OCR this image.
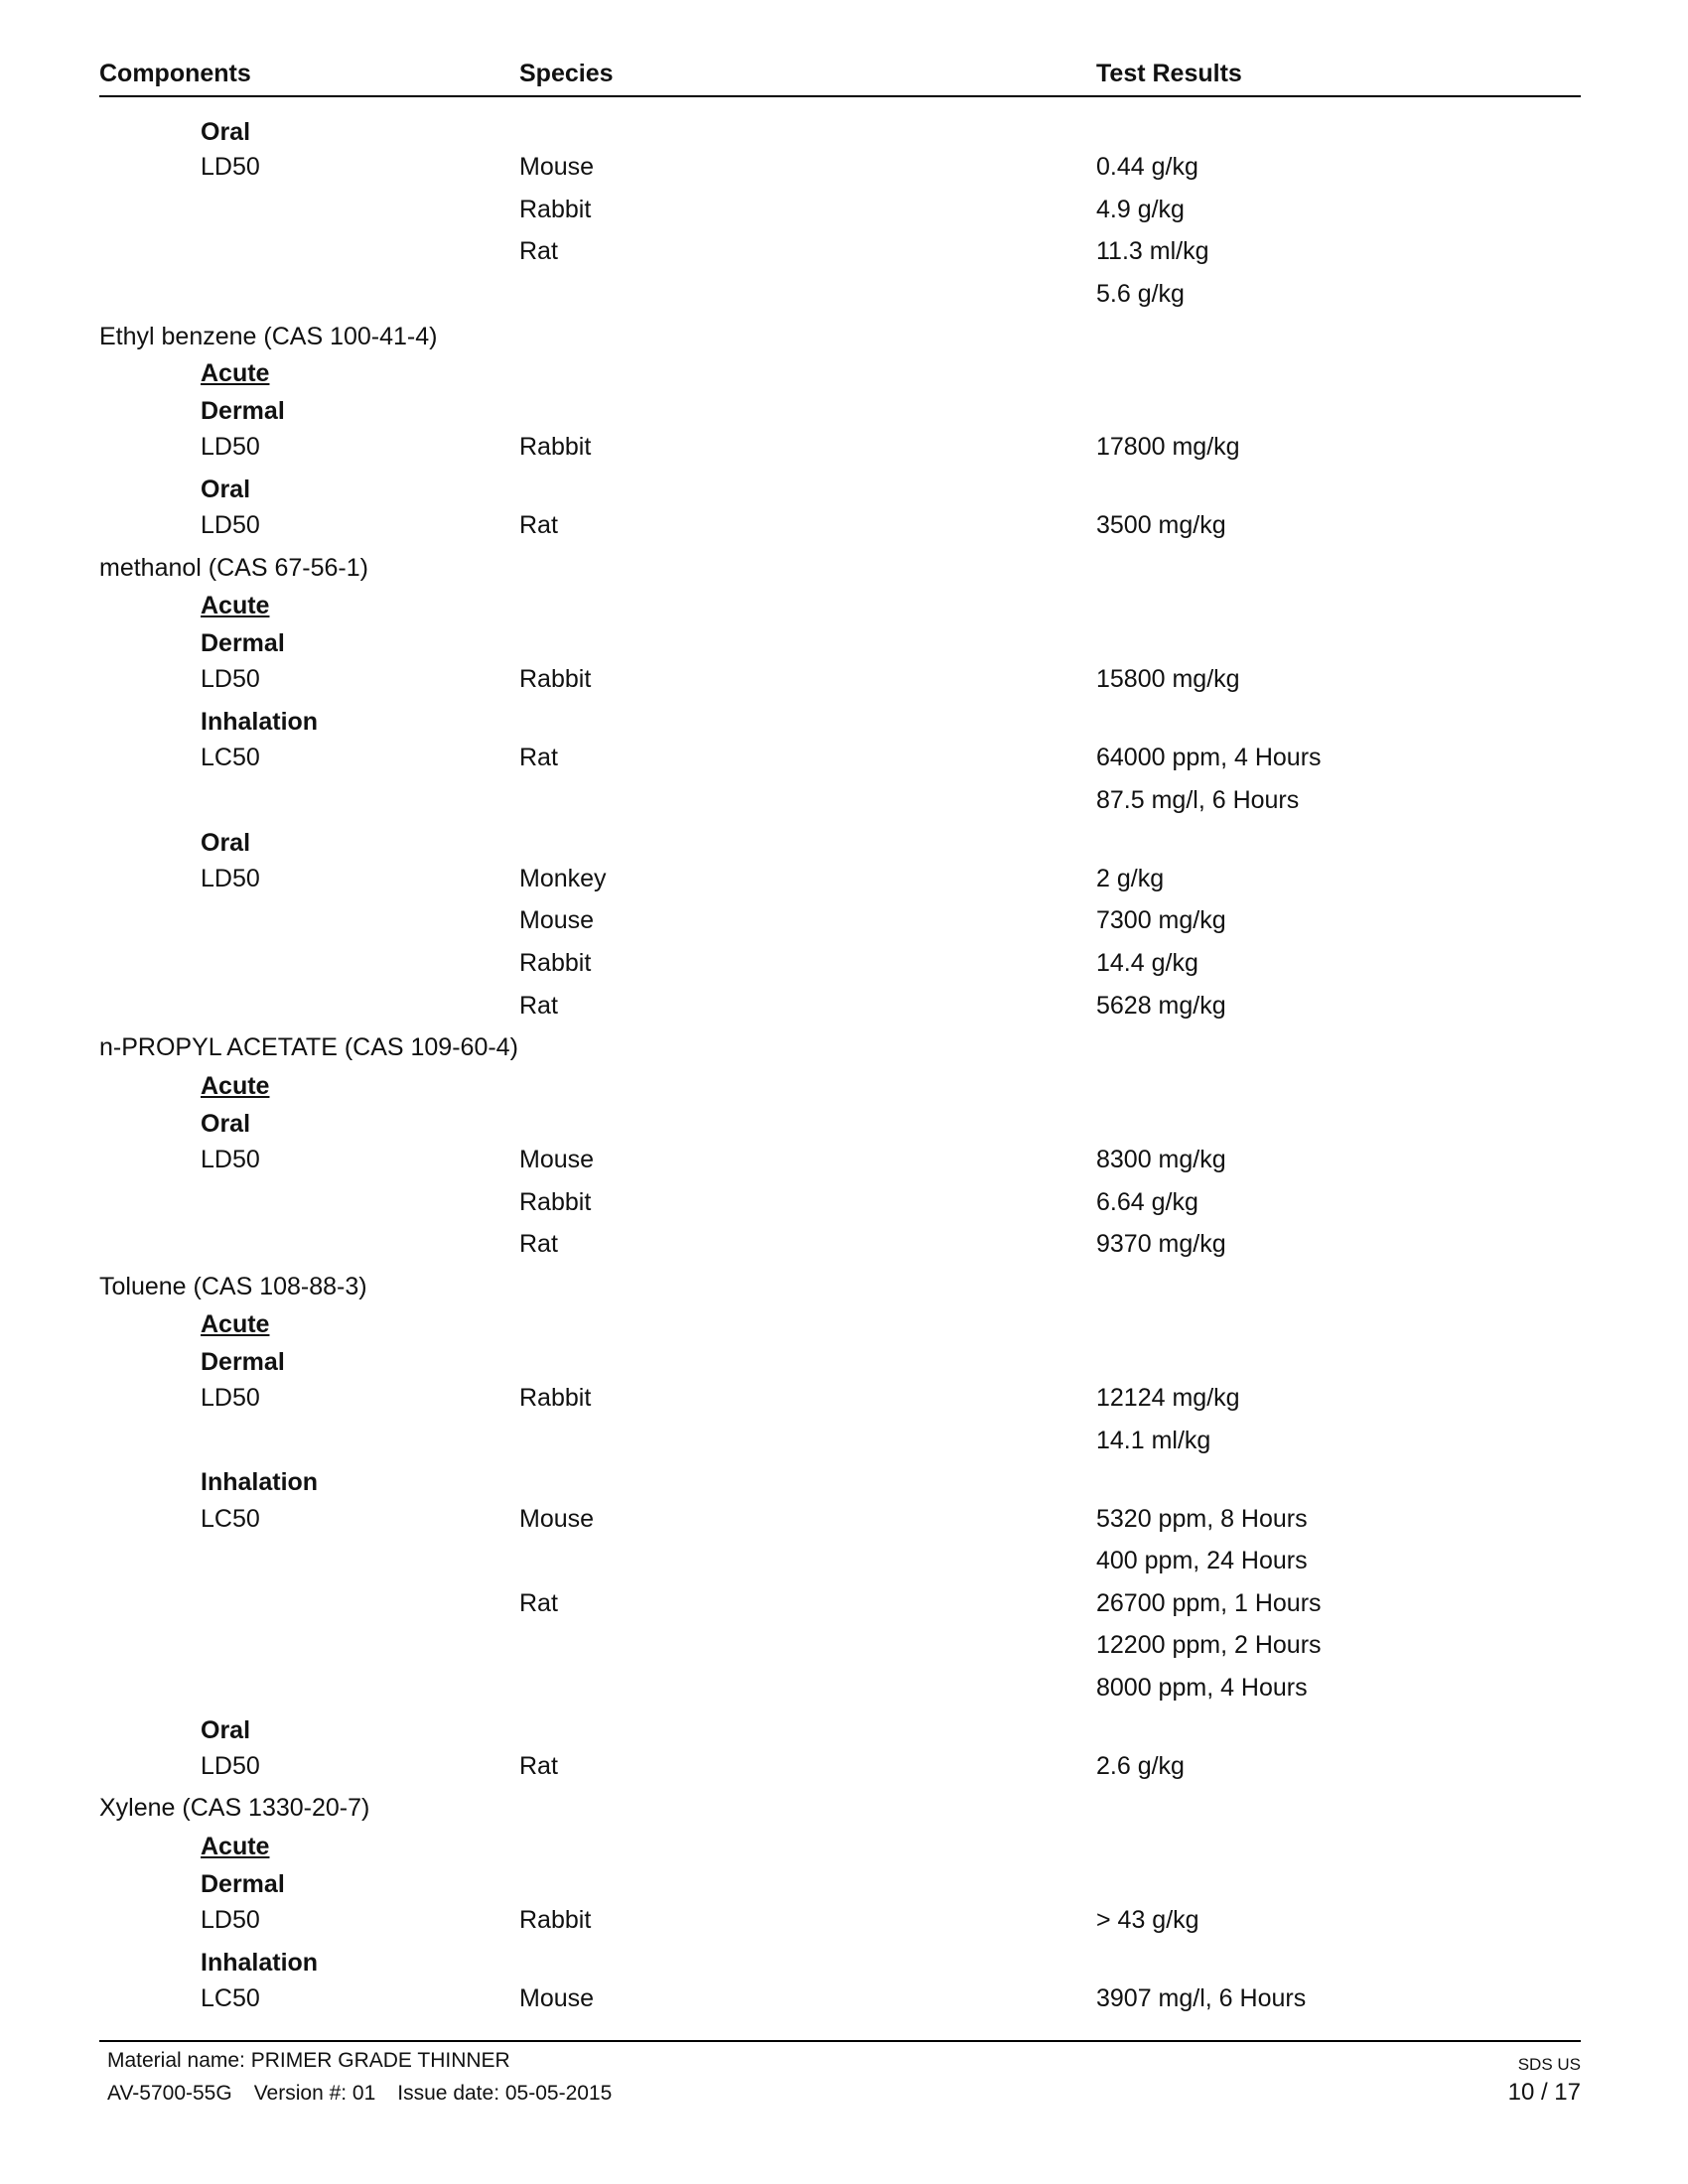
Components	Species	Test Results
Oral
LD50	Mouse	0.44 g/kg
Rabbit	4.9 g/kg
Rat	11.3 ml/kg
5.6 g/kg
Ethyl benzene (CAS 100-41-4)
Acute
Dermal
LD50	Rabbit	17800 mg/kg
Oral
LD50	Rat	3500 mg/kg
methanol (CAS 67-56-1)
Acute
Dermal
LD50	Rabbit	15800 mg/kg
Inhalation
LC50	Rat	64000 ppm, 4 Hours
87.5 mg/l, 6 Hours
Oral
LD50	Monkey	2 g/kg
Mouse	7300 mg/kg
Rabbit	14.4 g/kg
Rat	5628 mg/kg
n-PROPYL ACETATE (CAS 109-60-4)
Acute
Oral
LD50	Mouse	8300 mg/kg
Rabbit	6.64 g/kg
Rat	9370 mg/kg
Toluene (CAS 108-88-3)
Acute
Dermal
LD50	Rabbit	12124 mg/kg
14.1 ml/kg
Inhalation
LC50	Mouse	5320 ppm, 8 Hours
400 ppm, 24 Hours
Rat	26700 ppm, 1 Hours
12200 ppm, 2 Hours
8000 ppm, 4 Hours
Oral
LD50	Rat	2.6 g/kg
Xylene (CAS 1330-20-7)
Acute
Dermal
LD50	Rabbit	> 43 g/kg
Inhalation
LC50	Mouse	3907 mg/l, 6 Hours
Material name: PRIMER GRADE THINNER
AV-5700-55G Version #: 01 Issue date: 05-05-2015
SDS US
10 / 17
